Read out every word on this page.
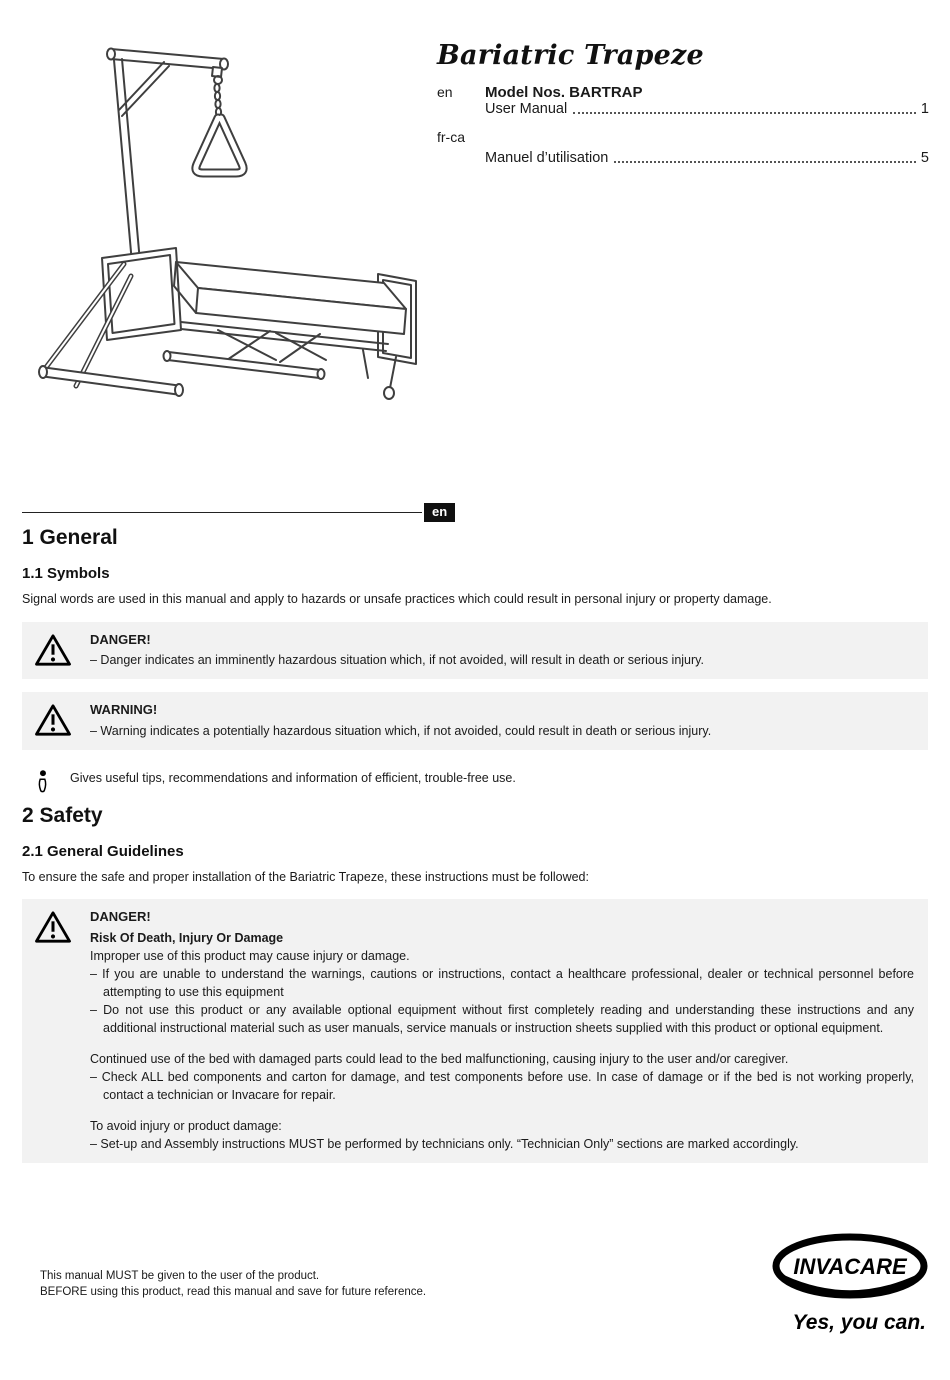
Bariatric Trapeze
en	Model Nos. BARTRAP
User Manual	1
fr-ca
Manuel d’utilisation	5
en
1 General
1.1 Symbols

Signal words are used in this manual and apply to hazards or unsafe practices which could result in personal injury or property damage.

DANGER!
– Danger indicates an imminently hazardous situation which, if not avoided, will result in death or serious injury.
WARNING!
– Warning indicates a potentially hazardous situation which, if not avoided, could result in death or serious injury.
Gives useful tips, recommendations and information of efficient, trouble-free use.
2 Safety
2.1 General Guidelines

To ensure the safe and proper installation of the Bariatric Trapeze, these instructions must be followed:

DANGER!
Risk Of Death, Injury Or Damage
Improper use of this product may cause injury or damage.
– If you are unable to understand the warnings, cautions or instructions, contact a healthcare professional, dealer or technical personnel before attempting to use this equipment
– Do not use this product or any available optional equipment without first completely reading and understanding these instructions and any additional instructional material such as user manuals, service manuals or instruction sheets supplied with this product or optional equipment.
Continued use of the bed with damaged parts could lead to the bed malfunctioning, causing injury to the user and/or caregiver.
– Check ALL bed components and carton for damage, and test components before use. In case of damage or if the bed is not working properly, contact a technician or Invacare for repair.
To avoid injury or product damage:
– Set-up and Assembly instructions MUST be performed by technicians only. “Technician Only” sections are marked accordingly.
This manual MUST be given to the user of the product.
BEFORE using this product, read this manual and save for future reference.
INVACARE
Yes, you can.
